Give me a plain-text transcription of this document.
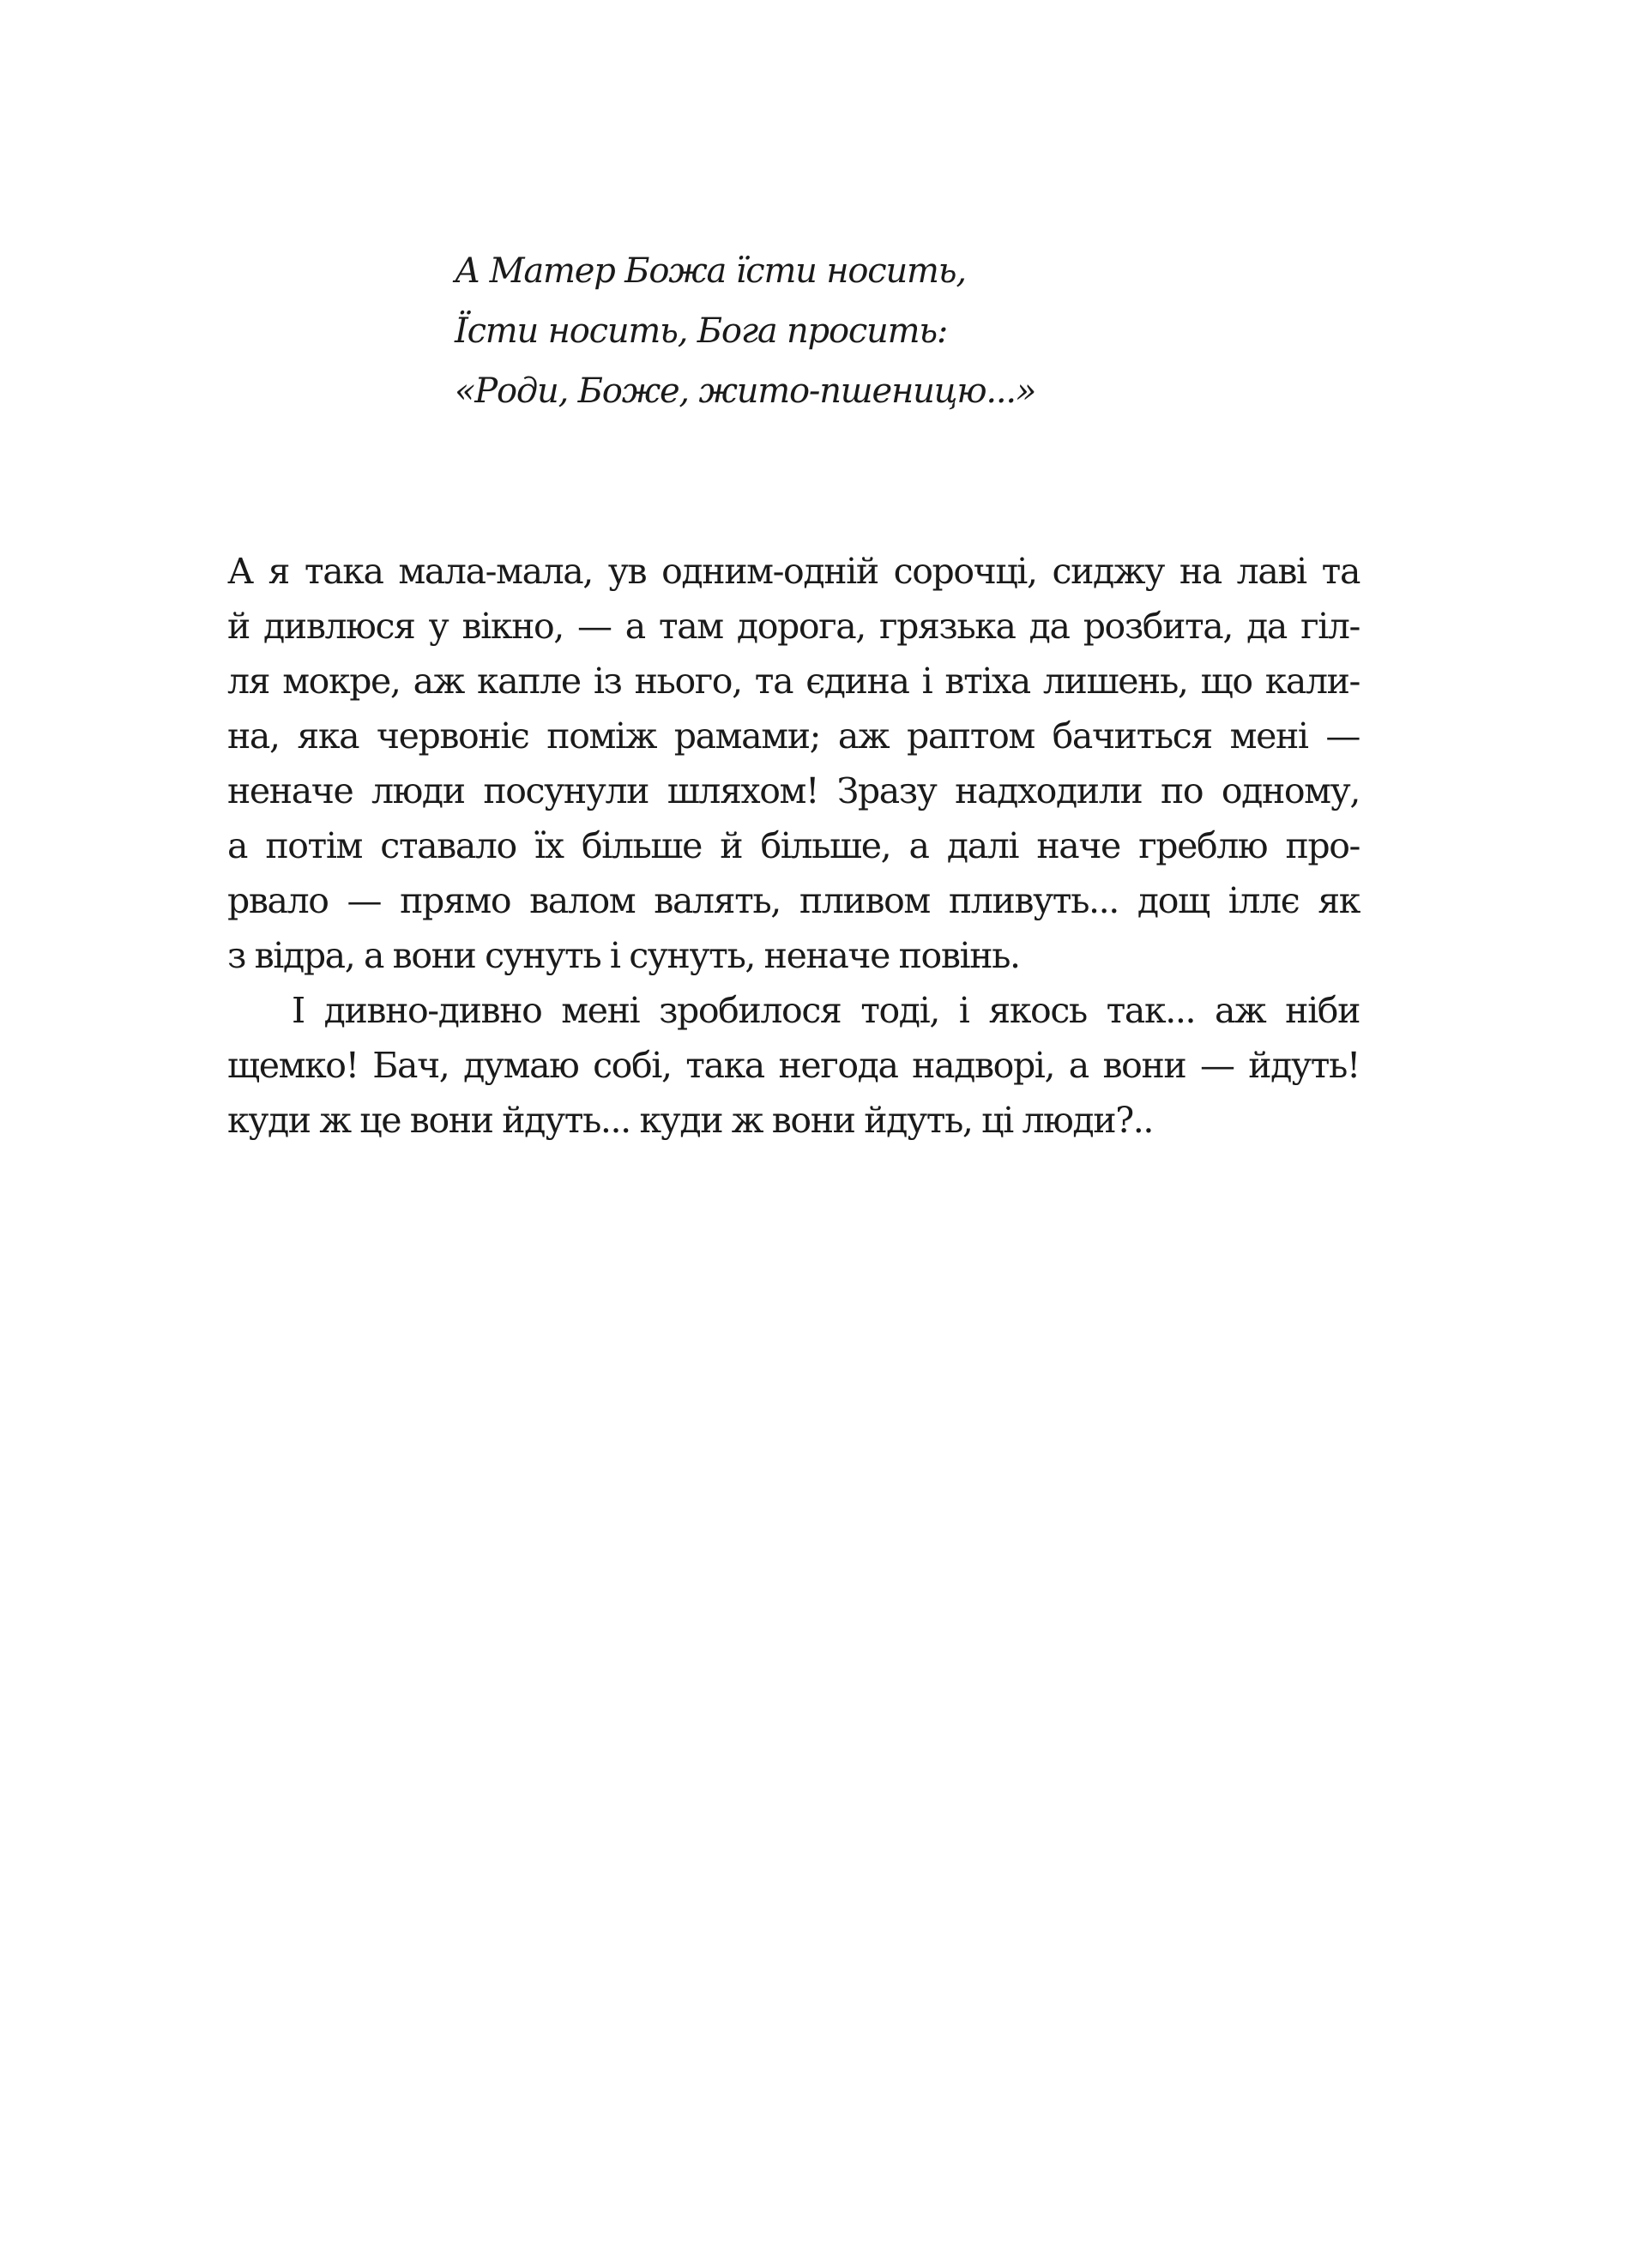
А Матер Божа їсти носить,
Їсти носить, Бога просить:
«Роди, Боже, жито-пшеницю...»
А я така мала-мала, ув одним-одній сорочці, сиджу на лаві та
й дивлюся у вікно, — а там дорога, грязька да розбита, да гіл-
ля мокре, аж капле із нього, та єдина і втіха лишень, що кали-
на, яка червоніє поміж рамами; аж раптом бачиться мені —
неначе люди посунули шляхом! Зразу надходили по одному,
а потім ставало їх більше й більше, а далі наче греблю про-
рвало — прямо валом валять, пливом пливуть... дощ іллє як
з відра, а вони сунуть і сунуть, неначе повінь.
І дивно-дивно мені зробилося тоді, і якось так... аж ніби
щемко! Бач, думаю собі, така негода надворі, а вони — йдуть!
куди ж це вони йдуть... куди ж вони йдуть, ці люди?..
